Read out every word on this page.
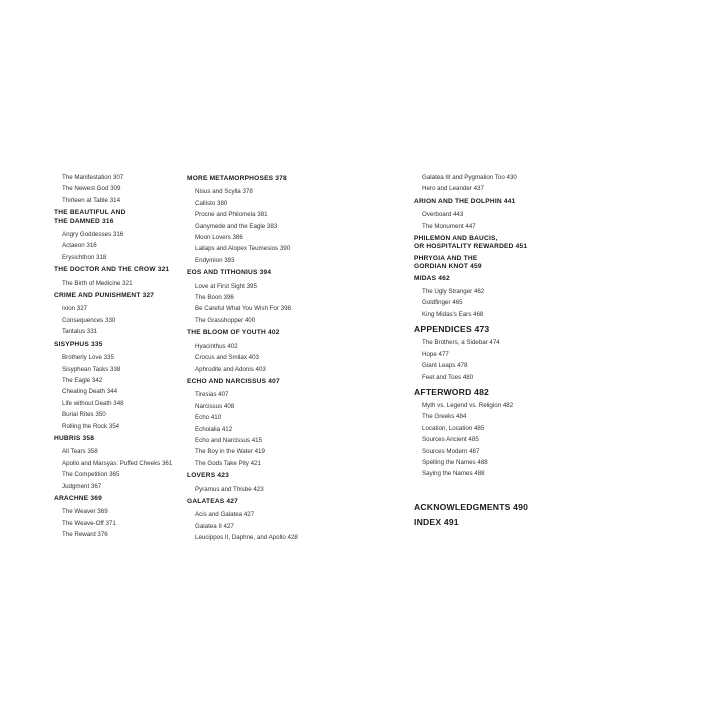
The Manifestation 307
The Newest God 309
Thirteen at Table 314
THE BEAUTIFUL AND
THE DAMNED 316
Angry Goddesses 316
Actaeon 316
Erysichthon 318
THE DOCTOR AND THE CROW 321
The Birth of Medicine 321
CRIME AND PUNISHMENT 327
Ixion 327
Consequences 330
Tantalus 331
SISYPHUS 335
Brotherly Love 335
Sisyphean Tasks 338
The Eagle 342
Cheating Death 344
Life without Death 348
Burial Rites 350
Rolling the Rock 354
HUBRIS 358
All Tears 358
Apollo and Marsyas: Puffed Cheeks 361
The Competition 365
Judgment 367
ARACHNE 369
The Weaver 369
The Weave-Off 371
The Reward 376
MORE METAMORPHOSES 378
Nisus and Scylla 378
Callisto 380
Procne and Philomela 381
Ganymede and the Eagle 383
Moon Lovers 386
Lailaps and Alopex Teumesios 390
Endymion 393
EOS AND TITHONIUS 394
Love at First Sight 395
The Boon 396
Be Careful What You Wish For 398
The Grasshopper 400
THE BLOOM OF YOUTH 402
Hyacinthus 402
Crocus and Smilax 403
Aphrodite and Adonis 403
ECHO AND NARCISSUS 407
Tiresias 407
Narcissus 408
Echo 410
Echolalia 412
Echo and Narcissus 415
The Boy in the Water 419
The Gods Take Pity 421
LOVERS 423
Pyramus and Thisbe 423
GALATEAS 427
Acis and Galatea 427
Galatea II 427
Leucippos II, Daphne, and Apollo 428
Galatea III and Pygmalion Too 430
Hero and Leander 437
ARION AND THE DOLPHIN 441
Overboard 443
The Monument 447
PHILEMON AND BAUCIS,
OR HOSPITALITY REWARDED 451
PHRYGIA AND THE
GORDIAN KNOT 459
MIDAS 462
The Ugly Stranger 462
Goldfinger 465
King Midas's Ears 468
APPENDICES 473
The Brothers, a Sidebar 474
Hope 477
Giant Leaps 478
Feet and Toes 480
AFTERWORD 482
Myth vs. Legend vs. Religion 482
The Greeks 484
Location, Location 485
Sources Ancient 485
Sources Modern 487
Spelling the Names 488
Saying the Names 488
ACKNOWLEDGMENTS 490
INDEX 491
